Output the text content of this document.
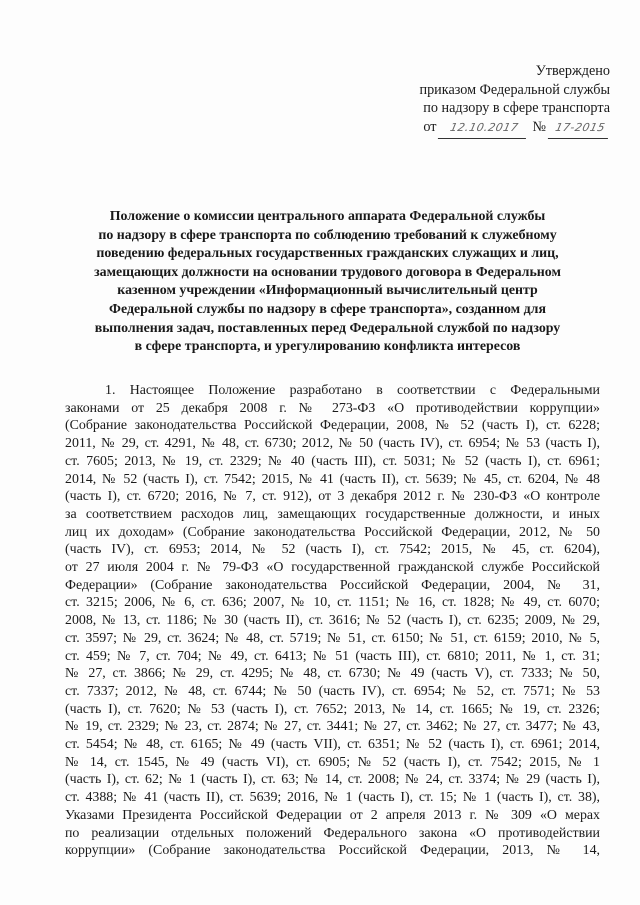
Утверждено
приказом Федеральной службы
по надзору в сфере транспорта
от	12.10.2017 № 17-2015
Положение о комиссии центрального аппарата Федеральной службы
по надзору в сфере транспорта по соблюдению требований к служебному
поведению федеральных государственных гражданских служащих и лиц,
замещающих должности на основании трудового договора в Федеральном
казенном учреждении «Информационный вычислительный центр
Федеральной службы по надзору в сфере транспорта», созданном для
выполнения задач, поставленных перед Федеральной службой по надзору
в сфере транспорта, и урегулированию конфликта интересов
1. Настоящее Положение разработано в соответствии с Федеральными
законами от 25 декабря 2008 г. № 273-ФЗ «О противодействии коррупции»
(Собрание законодательства Российской Федерации, 2008, № 52 (часть I), ст. 6228;
2011, № 29, ст. 4291, № 48, ст. 6730; 2012, № 50 (часть IV), ст. 6954; № 53 (часть I),
ст. 7605; 2013, № 19, ст. 2329; № 40 (часть III), ст. 5031; № 52 (часть I), ст. 6961;
2014, № 52 (часть I), ст. 7542; 2015, № 41 (часть II), ст. 5639; № 45, ст. 6204, № 48
(часть I), ст. 6720; 2016, № 7, ст. 912), от 3 декабря 2012 г. № 230-ФЗ «О контроле
за соответствием расходов лиц, замещающих государственные должности, и иных
лиц их доходам» (Собрание законодательства Российской Федерации, 2012, № 50
(часть IV), ст. 6953; 2014, № 52 (часть I), ст. 7542; 2015, № 45, ст. 6204),
от 27 июля 2004 г. № 79-ФЗ «О государственной гражданской службе Российской
Федерации» (Собрание законодательства Российской Федерации, 2004, № 31,
ст. 3215; 2006, № 6, ст. 636; 2007, № 10, ст. 1151; № 16, ст. 1828; № 49, ст. 6070;
2008, № 13, ст. 1186; № 30 (часть II), ст. 3616; № 52 (часть I), ст. 6235; 2009, № 29,
ст. 3597; № 29, ст. 3624; № 48, ст. 5719; № 51, ст. 6150; № 51, ст. 6159; 2010, № 5,
ст. 459; № 7, ст. 704; № 49, ст. 6413; № 51 (часть III), ст. 6810; 2011, № 1, ст. 31;
№ 27, ст. 3866; № 29, ст. 4295; № 48, ст. 6730; № 49 (часть V), ст. 7333; № 50,
ст. 7337; 2012, № 48, ст. 6744; № 50 (часть IV), ст. 6954; № 52, ст. 7571; № 53
(часть I), ст. 7620; № 53 (часть I), ст. 7652; 2013, № 14, ст. 1665; № 19, ст. 2326;
№ 19, ст. 2329; № 23, ст. 2874; № 27, ст. 3441; № 27, ст. 3462; № 27, ст. 3477; № 43,
ст. 5454; № 48, ст. 6165; № 49 (часть VII), ст. 6351; № 52 (часть I), ст. 6961; 2014,
№ 14, ст. 1545, № 49 (часть VI), ст. 6905; № 52 (часть I), ст. 7542; 2015, № 1
(часть I), ст. 62; № 1 (часть I), ст. 63; № 14, ст. 2008; № 24, ст. 3374; № 29 (часть I),
ст. 4388; № 41 (часть II), ст. 5639; 2016, № 1 (часть I), ст. 15; № 1 (часть I), ст. 38),
Указами Президента Российской Федерации от 2 апреля 2013 г. № 309 «О мерах
по реализации отдельных положений Федерального закона «О противодействии
коррупции» (Собрание законодательства Российской Федерации, 2013, № 14,
